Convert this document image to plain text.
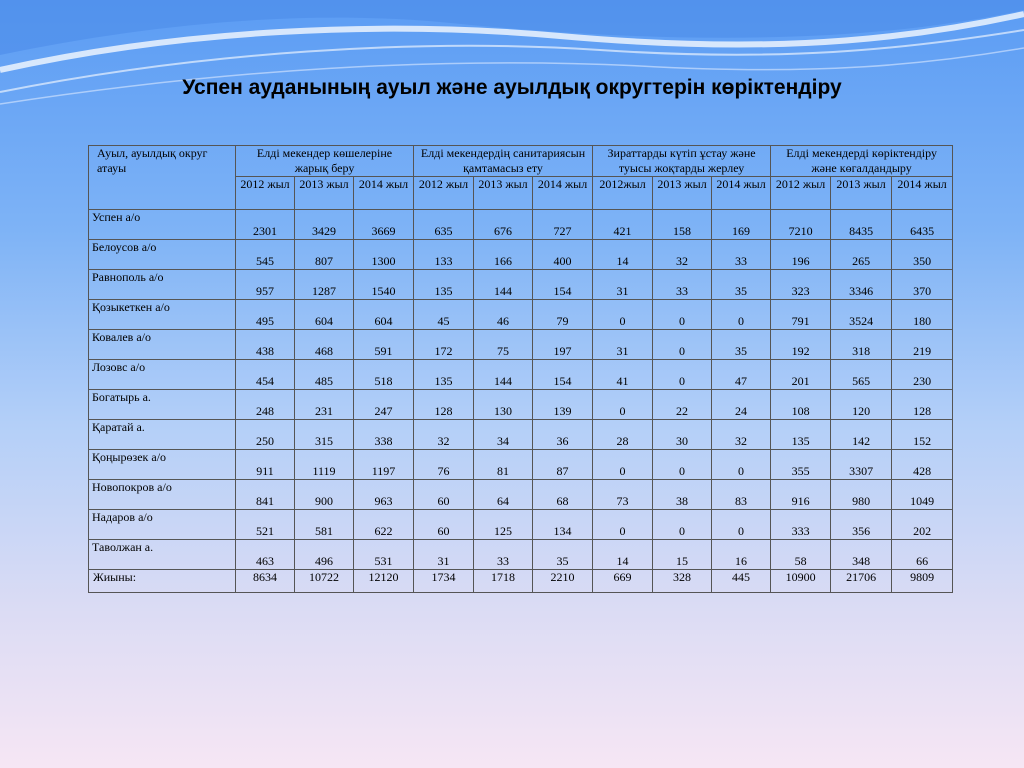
Успен ауданының ауыл және ауылдық округтерін көріктендіру
Ауыл, ауылдық округ атауы	Елді мекендер көшелеріне жарық беру			Елді мекендердің санитариясын қамтамасыз ету			Зираттарды күтіп ұстау және туысы жоқтарды жерлеу			Елді мекендерді көріктендіру және көгалдандыру		
	2012 жыл	2013 жыл	2014 жыл	2012 жыл	2013 жыл	2014 жыл	2012жыл	2013 жыл	2014 жыл	2012 жыл	2013 жыл	2014 жыл
Успен а/о	2301	3429	3669	635	676	727	421	158	169	7210	8435	6435
Белоусов а/о	545	807	1300	133	166	400	14	32	33	196	265	350
Равнополь а/о	957	1287	1540	135	144	154	31	33	35	323	3346	370
Қозыкеткен а/о	495	604	604	45	46	79	0	0	0	791	3524	180
Ковалев а/о	438	468	591	172	75	197	31	0	35	192	318	219
Лозовс а/о	454	485	518	135	144	154	41	0	47	201	565	230
Богатырь а.	248	231	247	128	130	139	0	22	24	108	120	128
Қаратай а.	250	315	338	32	34	36	28	30	32	135	142	152
Қоңырөзек а/о	911	1119	1197	76	81	87	0	0	0	355	3307	428
Новопокров а/о	841	900	963	60	64	68	73	38	83	916	980	1049
Надаров а/о	521	581	622	60	125	134	0	0	0	333	356	202
Таволжан а.	463	496	531	31	33	35	14	15	16	58	348	66
Жиыны:	8634	10722	12120	1734	1718	2210	669	328	445	10900	21706	9809
